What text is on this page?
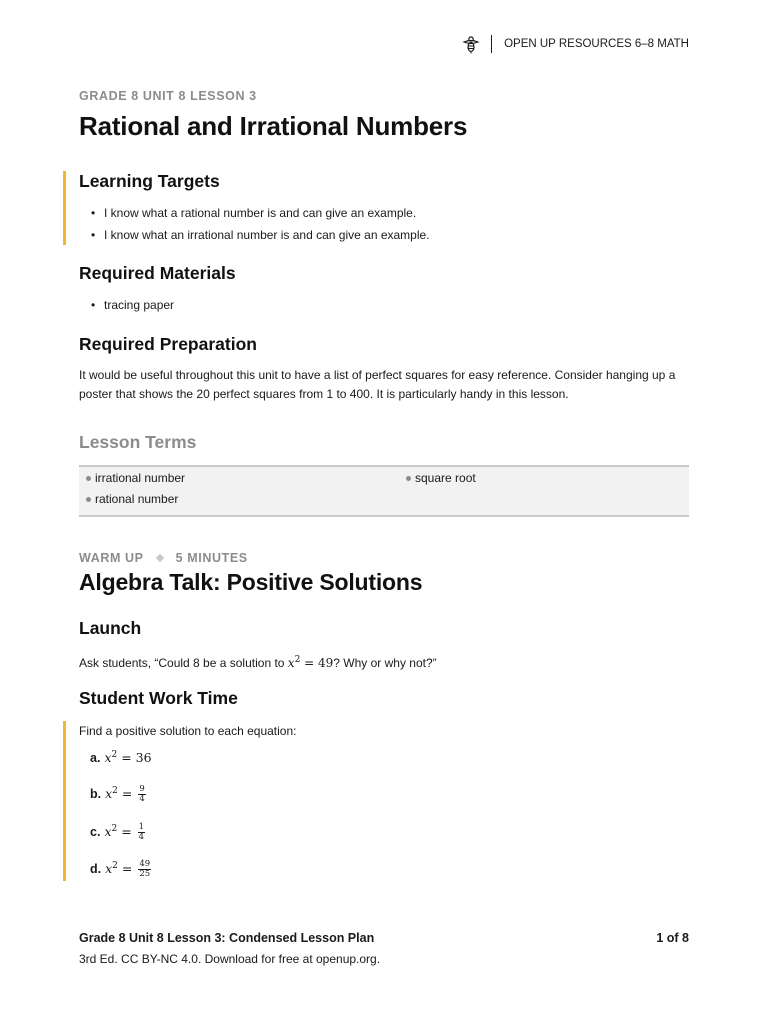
OPEN UP RESOURCES 6–8 MATH
GRADE 8 UNIT 8 LESSON 3
Rational and Irrational Numbers
Learning Targets
• I know what a rational number is and can give an example.
• I know what an irrational number is and can give an example.
Required Materials
• tracing paper
Required Preparation

It would be useful throughout this unit to have a list of perfect squares for easy reference. Consider hanging up a poster that shows the 20 perfect squares from 1 to 400. It is particularly handy in this lesson.

Lesson Terms
irrational number
rational number
square root
WARM UP	5 MINUTES
Algebra Talk: Positive Solutions
Launch

Ask students, “Could 8 be a solution to $x^2 = 49$? Why or why not?”

Student Work Time

Find a positive solution to each equation:

a. $x^2 = 36$
b. $x^2 = \frac{9}{4}$
c. $x^2 = \frac{1}{4}$
d. $x^2 = \frac{49}{25}$
Grade 8 Unit 8 Lesson 3: Condensed Lesson Plan	1 of 8
3rd Ed. CC BY-NC 4.0. Download for free at openup.org.
